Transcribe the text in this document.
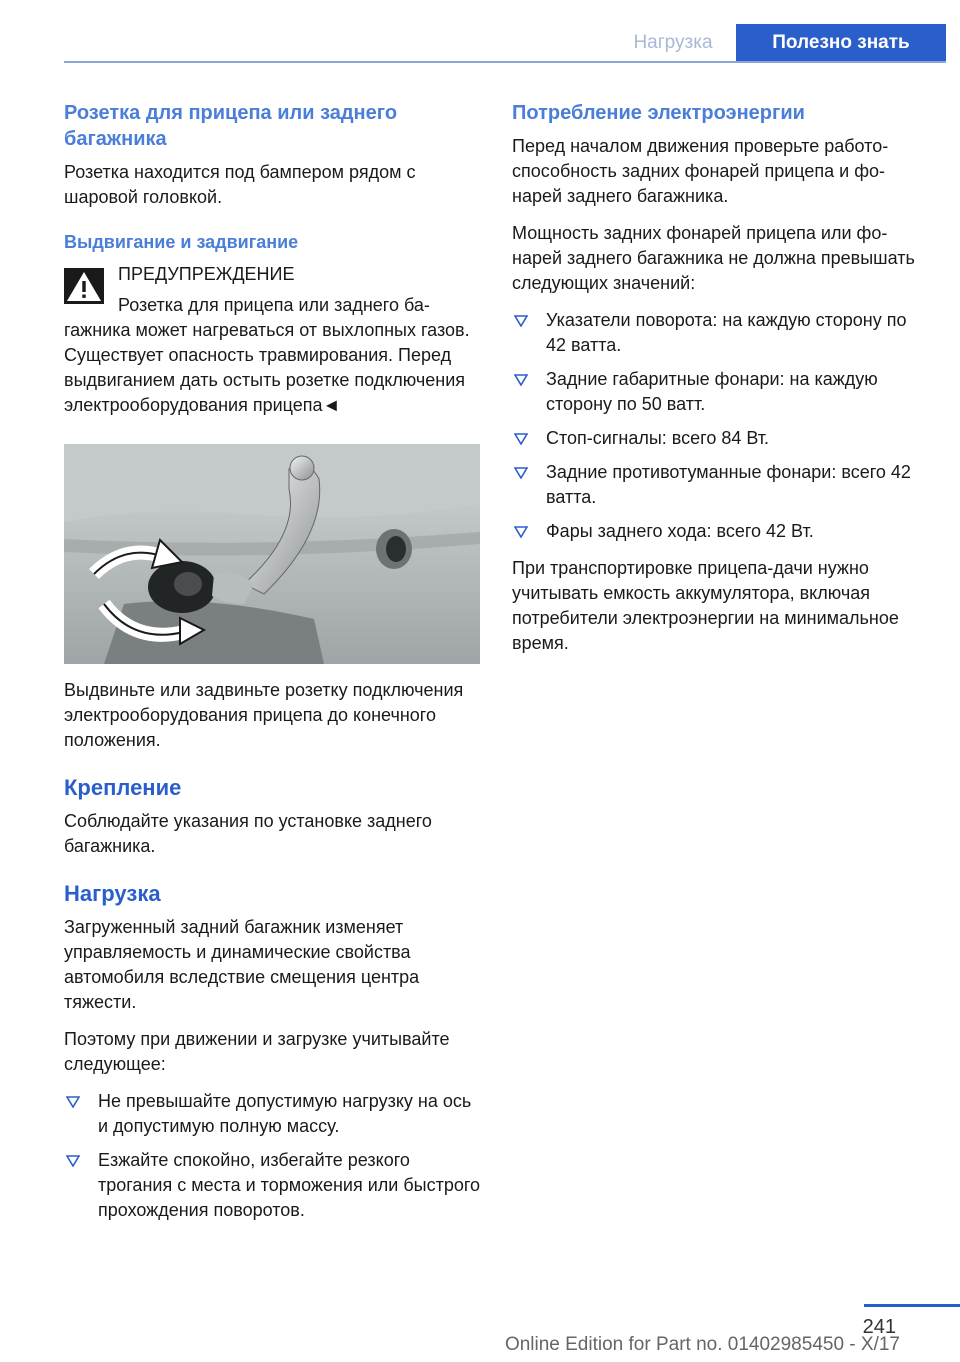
Нагрузка	Полезно знать
Розетка для прицепа или заднего багажника

Розетка находится под бампером рядом с шаровой головкой.

Выдвигание и задвигание
ПРЕДУПРЕЖДЕНИЕ
Розетка для прицепа или заднего багажника может нагреваться от выхлопных газов. Существует опасность травмирования. Перед выдвиганием дать остыть розетке подключения электрооборудования прицепа◄

Выдвиньте или задвиньте розетку подключения электрооборудования прицепа до конечного положения.

Крепление

Соблюдайте указания по установке заднего багажника.

Нагрузка

Загруженный задний багажник изменяет управляемость и динамические свойства автомобиля вследствие смещения центра тяжести.

Поэтому при движении и загрузке учитывайте следующее:

Не превышайте допустимую нагрузку на ось и допустимую полную массу.
Езжайте спокойно, избегайте резкого трогания с места и торможения или быстрого прохождения поворотов.
Потребление электроэнергии

Перед началом движения проверьте работоспособность задних фонарей прицепа и фонарей заднего багажника.

Мощность задних фонарей прицепа или фонарей заднего багажника не должна превышать следующих значений:

Указатели поворота: на каждую сторону по 42 ватта.
Задние габаритные фонари: на каждую сторону по 50 ватт.
Стоп-сигналы: всего 84 Вт.
Задние противотуманные фонари: всего 42 ватта.
Фары заднего хода: всего 42 Вт.

При транспортировке прицепа-дачи нужно учитывать емкость аккумулятора, включая потребители электроэнергии на минимальное время.

241
Online Edition for Part no. 01402985450 - X/17
